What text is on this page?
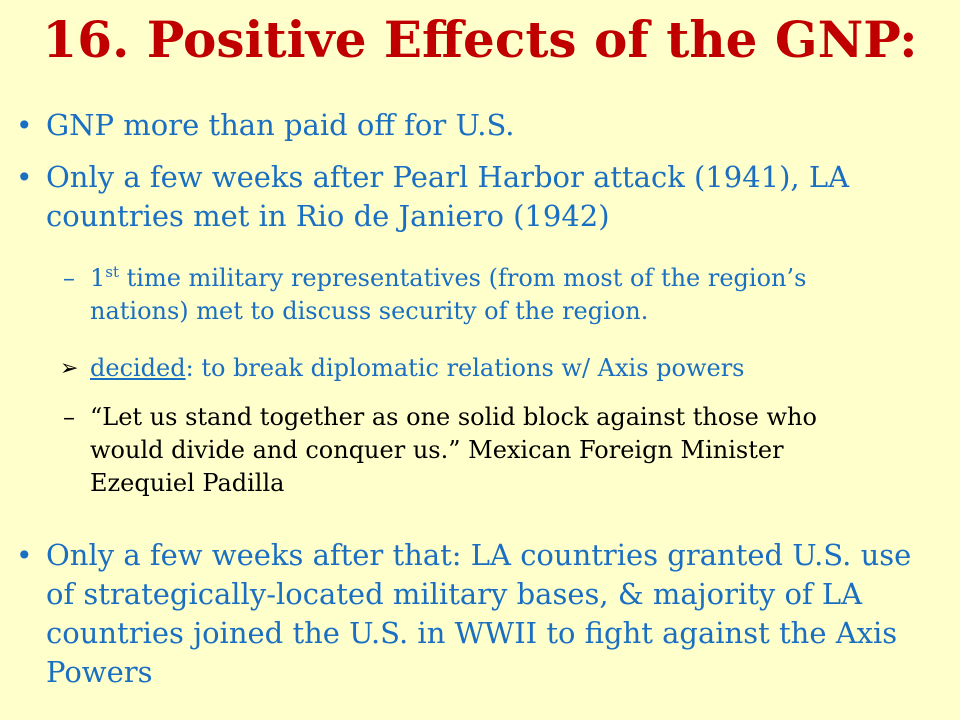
16. Positive Effects of the GNP:
• GNP more than paid off for U.S.
• Only a few weeks after Pearl Harbor attack (1941), LA countries met in Rio de Janiero (1942)
– 1st time military representatives (from most of the region’s nations) met to discuss security of the region.
➢ decided: to break diplomatic relations w/ Axis powers
– “Let us stand together as one solid block against those who would divide and conquer us.” Mexican Foreign Minister Ezequiel Padilla
• Only a few weeks after that: LA countries granted U.S. use of strategically-located military bases, & majority of LA countries joined the U.S. in WWII to fight against the Axis Powers
